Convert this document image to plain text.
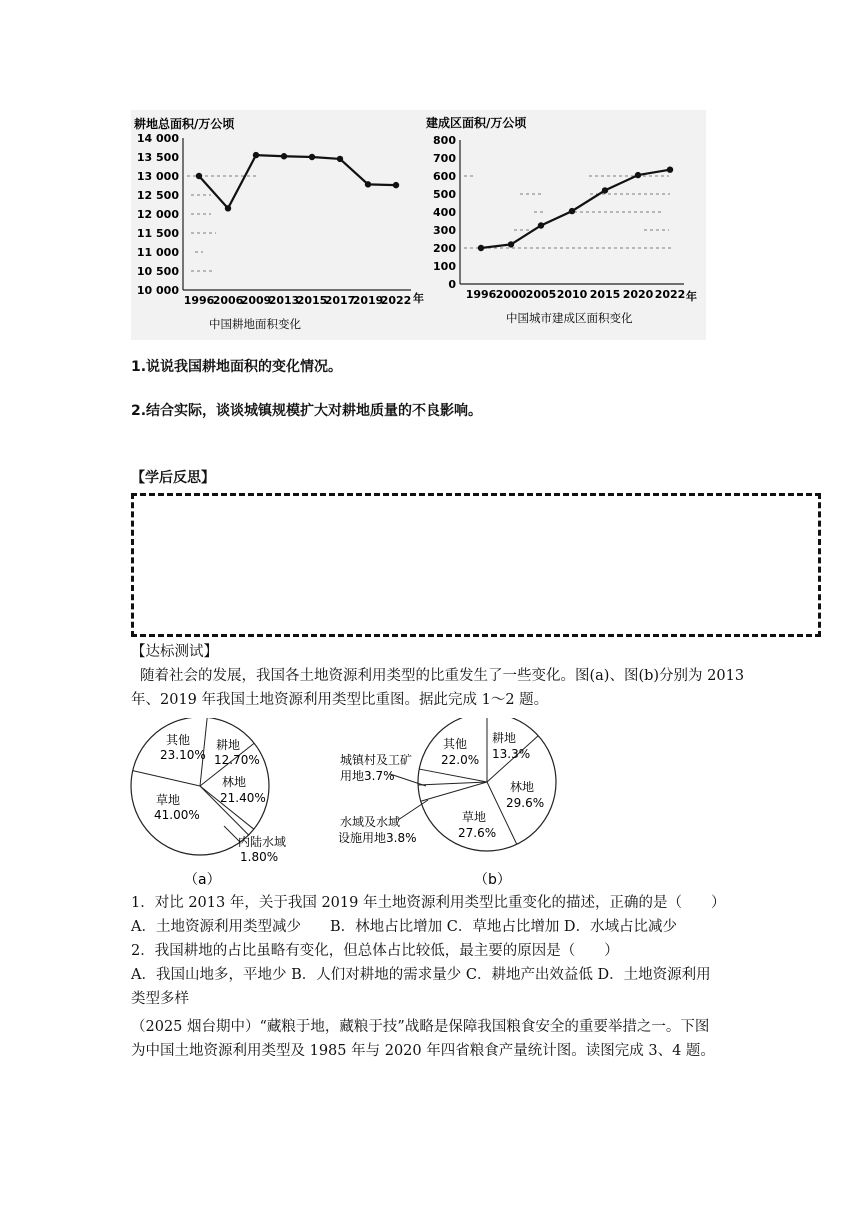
耕地总面积/万公顷
14 000
13 500
13 000
12 500
12 000
11 500
11 000
10 500
10 000
1996
2006
2009
2013
2015
2017
2019
2022 年
中国耕地面积变化
建成区面积/万公顷
800
700
600
500
400
300
200
100
0
1996 2000 2005 2010 2015 2020 2022 年
中国城市建成区面积变化
1.说说我国耕地面积的变化情况。
2.结合实际，谈谈城镇规模扩大对耕地质量的不良影响。
【学后反思】
【达标测试】
随着社会的发展，我国各土地资源利用类型的比重发生了一些变化。图(a)、图(b)分别为 2013
年、2019 年我国土地资源利用类型比重图。据此完成 1～2 题。
其他
23.10%
耕地
12.70%
林地
21.40%
草地
41.00%
内陆水域
1.80%
（a）
其他
22.0%
耕地
13.3%
林地
29.6%
草地
27.6%
城镇村及工矿
用地3.7%
水域及水域
设施用地3.8%
（b）
1．对比 2013 年，关于我国 2019 年土地资源利用类型比重变化的描述，正确的是（　　）
A．土地资源利用类型减少　　B．林地占比增加 C．草地占比增加 D．水域占比减少
2．我国耕地的占比虽略有变化，但总体占比较低，最主要的原因是（　　）
A．我国山地多，平地少 B．人们对耕地的需求量少 C．耕地产出效益低 D．土地资源利用
类型多样
（2025 烟台期中）“藏粮于地，藏粮于技”战略是保障我国粮食安全的重要举措之一。下图
为中国土地资源利用类型及 1985 年与 2020 年四省粮食产量统计图。读图完成 3、4 题。
